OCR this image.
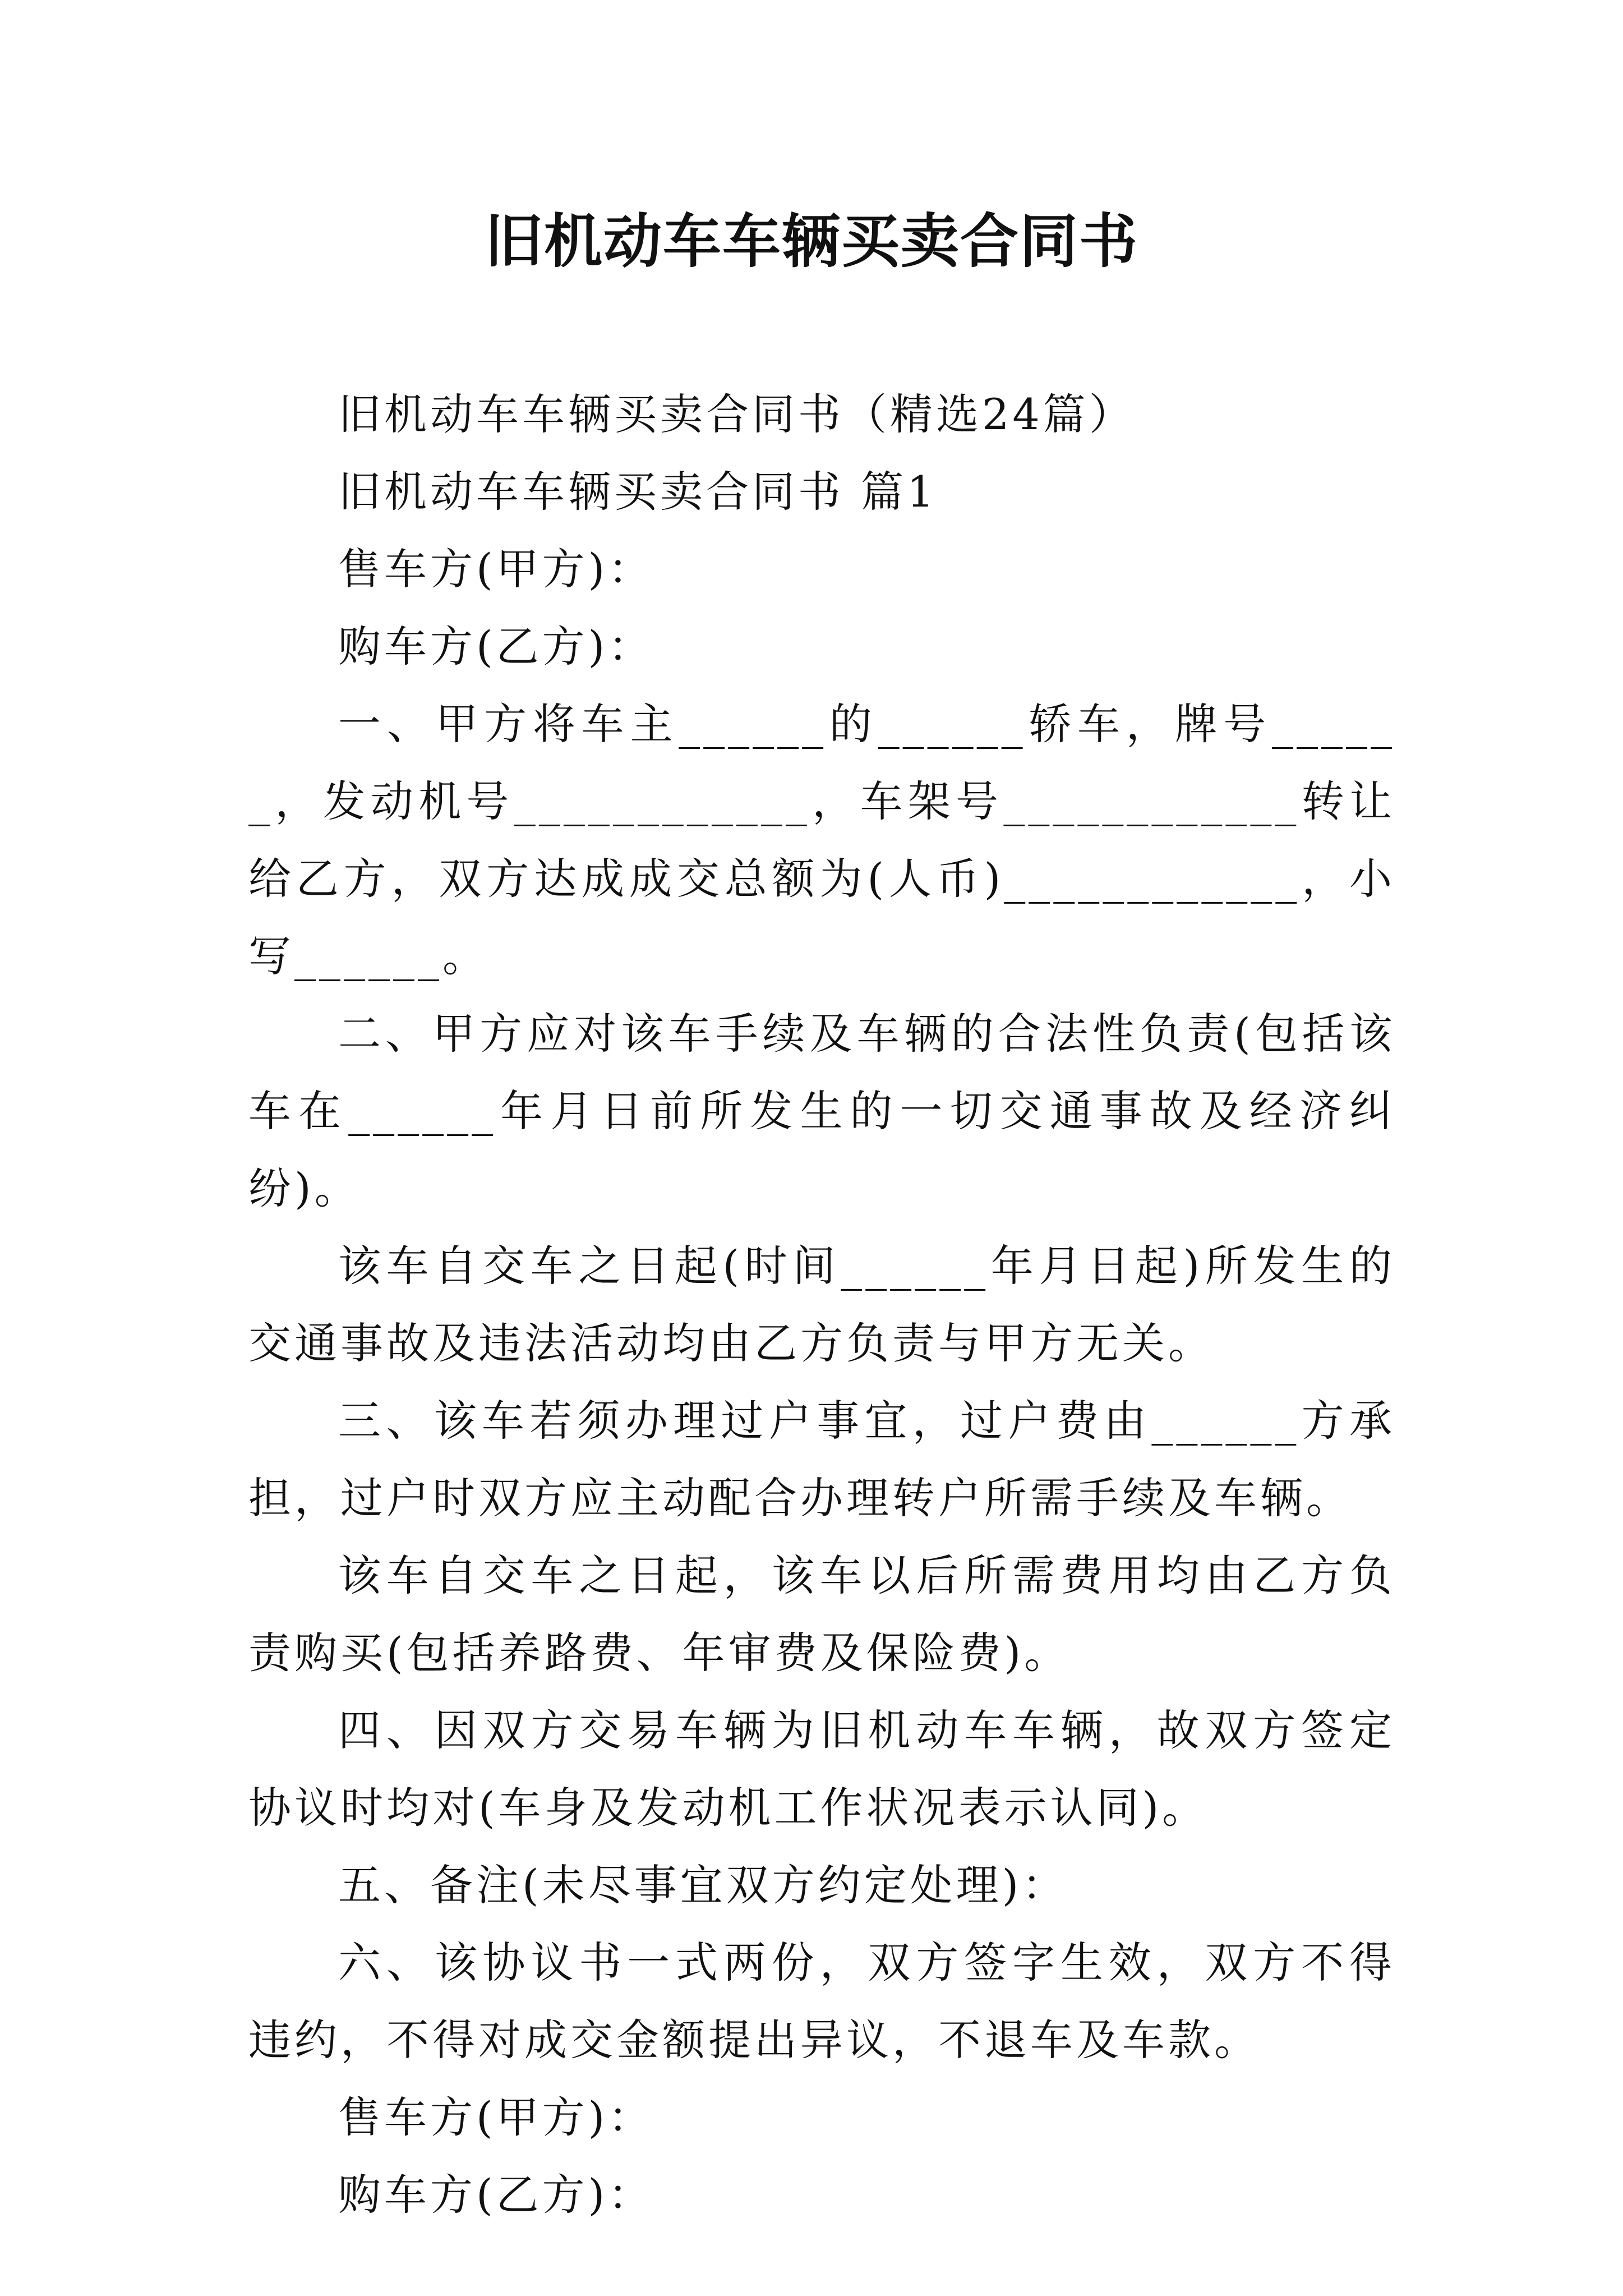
旧机动车车辆买卖合同书

旧机动车车辆买卖合同书（精选24篇）

旧机动车车辆买卖合同书 篇1

售车方(甲方)：

购车方(乙方)：

一、甲方将车主______的______轿车，牌号______，发动机号____________，车架号____________转让给乙方，双方达成成交总额为(人币)____________，小写______。

二、甲方应对该车手续及车辆的合法性负责(包括该车在______年月日前所发生的一切交通事故及经济纠纷)。

该车自交车之日起(时间______年月日起)所发生的交通事故及违法活动均由乙方负责与甲方无关。

三、该车若须办理过户事宜，过户费由______方承担，过户时双方应主动配合办理转户所需手续及车辆。

该车自交车之日起，该车以后所需费用均由乙方负责购买(包括养路费、年审费及保险费)。

四、因双方交易车辆为旧机动车车辆，故双方签定协议时均对(车身及发动机工作状况表示认同)。

五、备注(未尽事宜双方约定处理)：

六、该协议书一式两份，双方签字生效，双方不得违约，不得对成交金额提出异议，不退车及车款。

售车方(甲方)：

购车方(乙方)：
